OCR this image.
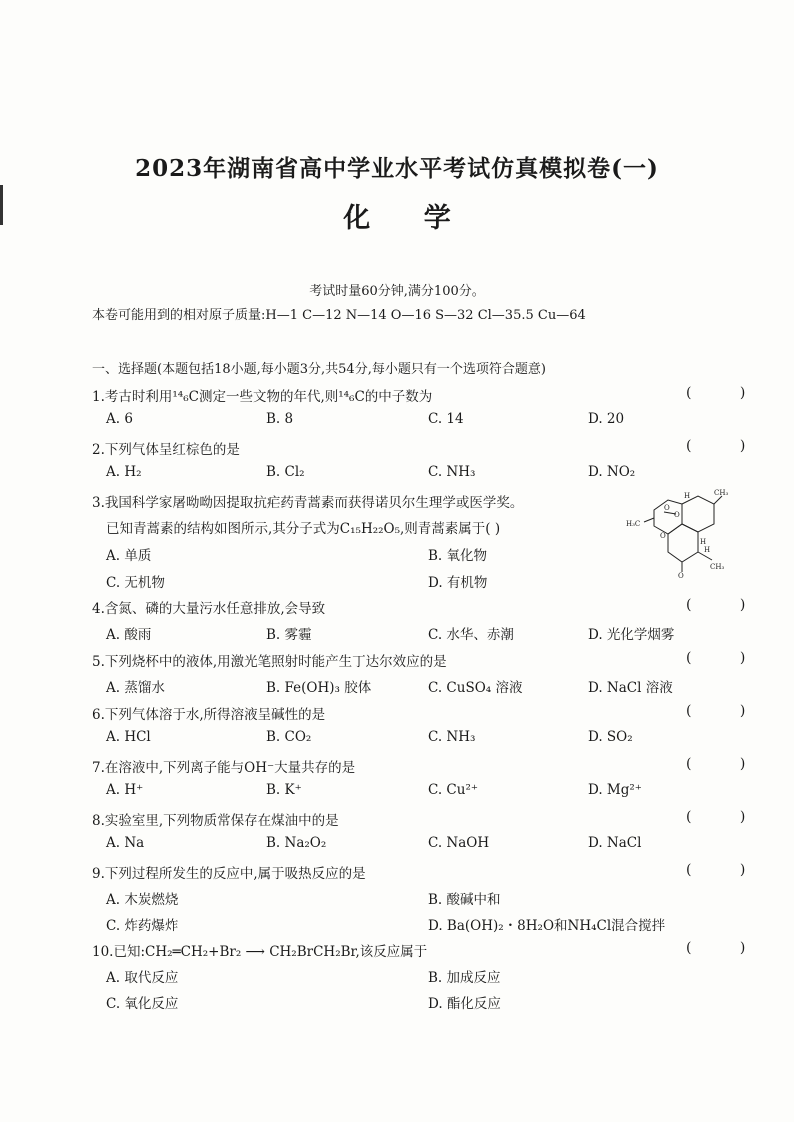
2023年湖南省高中学业水平考试仿真模拟卷(一)
化 学
考试时量60分钟,满分100分。
本卷可能用到的相对原子质量:H—1 C—12 N—14 O—16 S—32 Cl—35.5 Cu—64
一、选择题(本题包括18小题,每小题3分,共54分,每小题只有一个选项符合题意)
1.考古时利用¹⁴₆C测定一些文物的年代,则¹⁴₆C的中子数为	( )
A. 6	B. 8	C. 14	D. 20
2.下列气体呈红棕色的是	( )
A. H₂	B. Cl₂	C. NH₃	D. NO₂
3.我国科学家屠呦呦因提取抗疟药青蒿素而获得诺贝尔生理学或医学奖。
已知青蒿素的结构如图所示,其分子式为C₁₅H₂₂O₅,则青蒿素属于( )
A. 单质	B. 氧化物
C. 无机物	D. 有机物
H	CH₃
H₃C
O
O
O
H
H
CH₃
O
4.含氮、磷的大量污水任意排放,会导致	( )
A. 酸雨	B. 雾霾	C. 水华、赤潮	D. 光化学烟雾
5.下列烧杯中的液体,用激光笔照射时能产生丁达尔效应的是	( )
A. 蒸馏水	B. Fe(OH)₃ 胶体	C. CuSO₄ 溶液	D. NaCl 溶液
6.下列气体溶于水,所得溶液呈碱性的是	( )
A. HCl	B. CO₂	C. NH₃	D. SO₂
7.在溶液中,下列离子能与OH⁻大量共存的是	( )
A. H⁺	B. K⁺	C. Cu²⁺	D. Mg²⁺
8.实验室里,下列物质常保存在煤油中的是	( )
A. Na	B. Na₂O₂	C. NaOH	D. NaCl
9.下列过程所发生的反应中,属于吸热反应的是	( )
A. 木炭燃烧	B. 酸碱中和
C. 炸药爆炸	D. Ba(OH)₂・8H₂O和NH₄Cl混合搅拌
10.已知:CH₂═CH₂+Br₂ ⟶ CH₂BrCH₂Br,该反应属于	( )
A. 取代反应	B. 加成反应
C. 氧化反应	D. 酯化反应
